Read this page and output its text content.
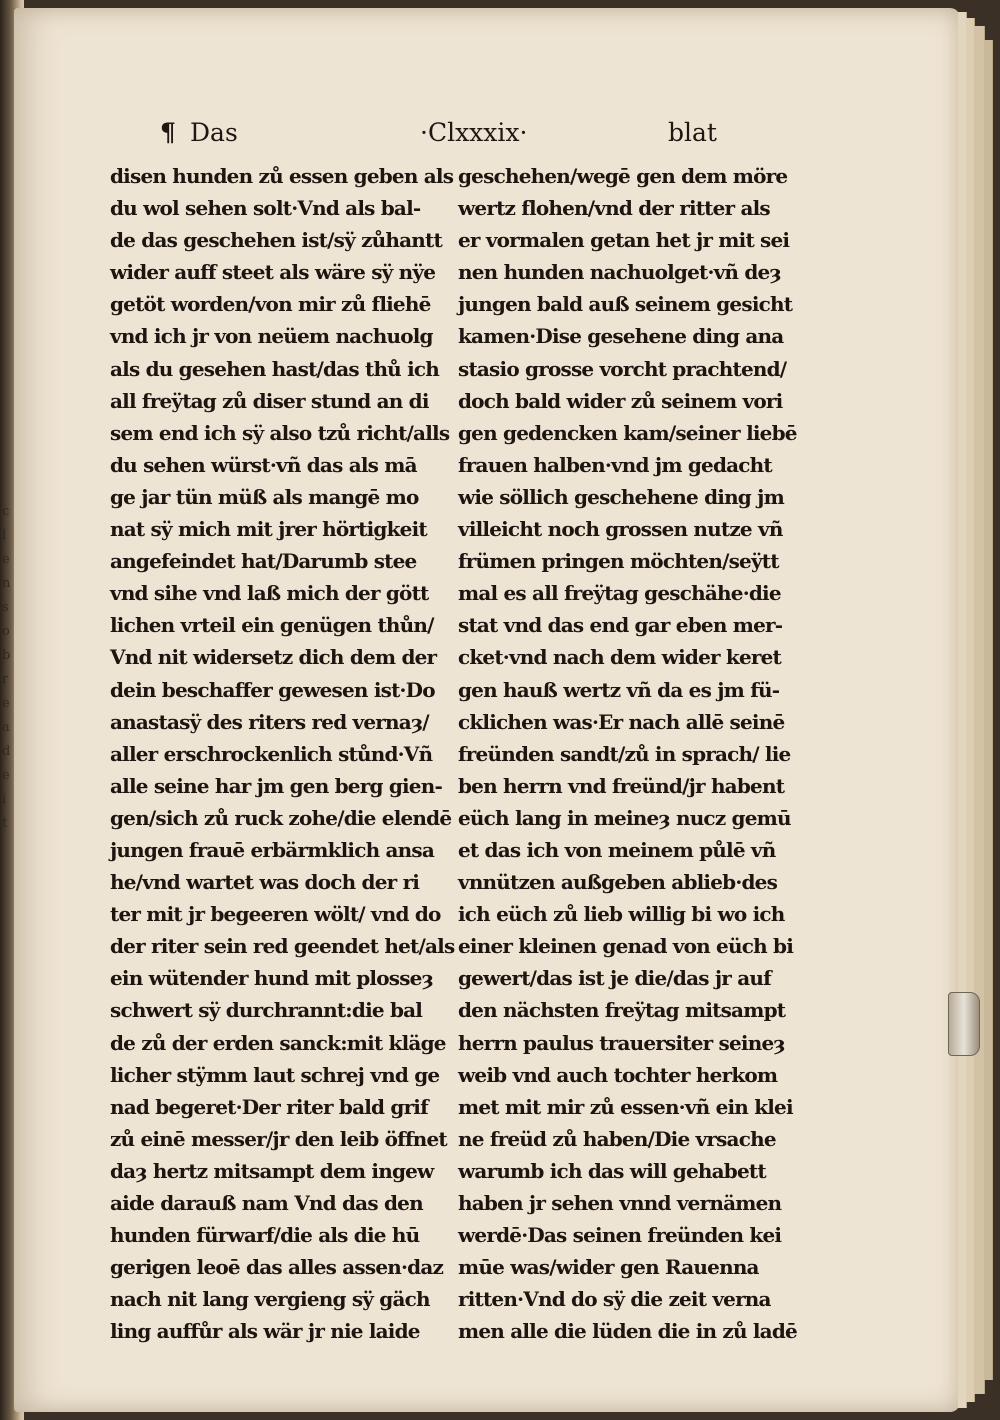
c
l
e
n
s
o
b
r
e
a
d
e
i
t
¶ Das	·Clxxxix·	blat
disen hunden zů essen geben als
du wol sehen solt·Vnd als bal-
de das geschehen ist/sÿ zůhantt
wider auff steet als wäre sÿ nÿe
getöt worden/von mir zů fliehē
vnd ich jr von neüem nachuolg
als du gesehen hast/das thů ich
all freÿtag zů diser stund an di
sem end ich sÿ also tzů richt/alls
du sehen würst·vñ das als mā
ge jar tün müß als mangē mo
nat sÿ mich mit jrer hörtigkeit
angefeindet hat/Darumb stee
vnd sihe vnd laß mich der gött
lichen vrteil ein genügen thůn/
Vnd nit widersetz dich dem der
dein beschaffer gewesen ist·Do
anastasÿ des riters red vernaȝ/
aller erschrockenlich stůnd·Vñ
alle seine har jm gen berg gien-
gen/sich zů ruck zohe/die elendē
jungen frauē erbärmklich ansa
he/vnd wartet was doch der ri
ter mit jr begeeren wölt/ vnd do
der riter sein red geendet het/als
ein wütender hund mit plosseȝ
schwert sÿ durchrannt:die bal
de zů der erden sanck:mit kläge
licher stÿmm laut schrej vnd ge
nad begeret·Der riter bald grif
zů einē messer/jr den leib öffnet
daȝ hertz mitsampt dem ingew
aide darauß nam Vnd das den
hunden fürwarf/die als die hū
gerigen leoē das alles assen·daz
nach nit lang vergieng sÿ gäch
ling auffůr als wär jr nie laide
geschehen/wegē gen dem möre
wertz flohen/vnd der ritter als
er vormalen getan het jr mit sei
nen hunden nachuolget·vñ deȝ
jungen bald auß seinem gesicht
kamen·Dise gesehene ding ana
stasio grosse vorcht prachtend/
doch bald wider zů seinem vori
gen gedencken kam/seiner liebē
frauen halben·vnd jm gedacht
wie söllich geschehene ding jm
villeicht noch grossen nutze vñ
frümen pringen möchten/seÿtt
mal es all freÿtag geschähe·die
stat vnd das end gar eben mer-
cket·vnd nach dem wider keret
gen hauß wertz vñ da es jm fü-
cklichen was·Er nach allē seinē
freünden sandt/zů in sprach/ lie
ben herrn vnd freünd/jr habent
eüch lang in meineȝ nucz gemū
et das ich von meinem půlē vñ
vnnützen außgeben ablieb·des
ich eüch zů lieb willig bi wo ich
einer kleinen genad von eüch bi
gewert/das ist je die/das jr auf
den nächsten freÿtag mitsampt
herrn paulus trauersiter seineȝ
weib vnd auch tochter herkom
met mit mir zů essen·vñ ein klei
ne freüd zů haben/Die vrsache
warumb ich das will gehabett
haben jr sehen vnnd vernämen
werdē·Das seinen freünden kei
mūe was/wider gen Rauenna
ritten·Vnd do sÿ die zeit verna
men alle die lüden die in zů ladē
